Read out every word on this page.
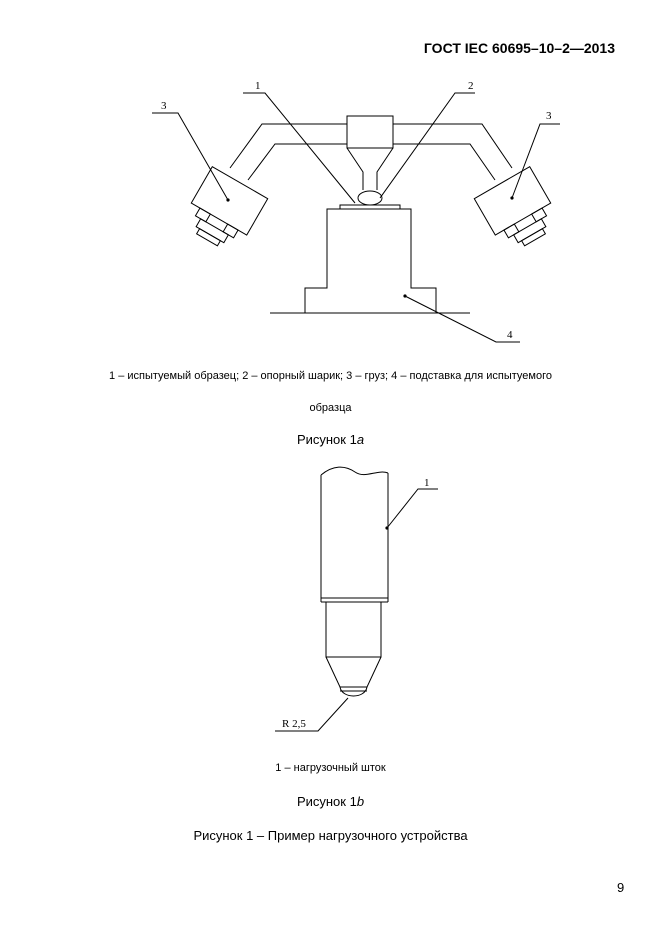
ГОСТ IEC 60695–10–2—2013
1	2
3
3
4
1 – испытуемый образец; 2 – опорный шарик; 3 – груз; 4 – подставка для испытуемого
образца
Рисунок 1a
1
R 2,5
1 – нагрузочный шток
Рисунок 1b
Рисунок 1 – Пример нагрузочного устройства
9
